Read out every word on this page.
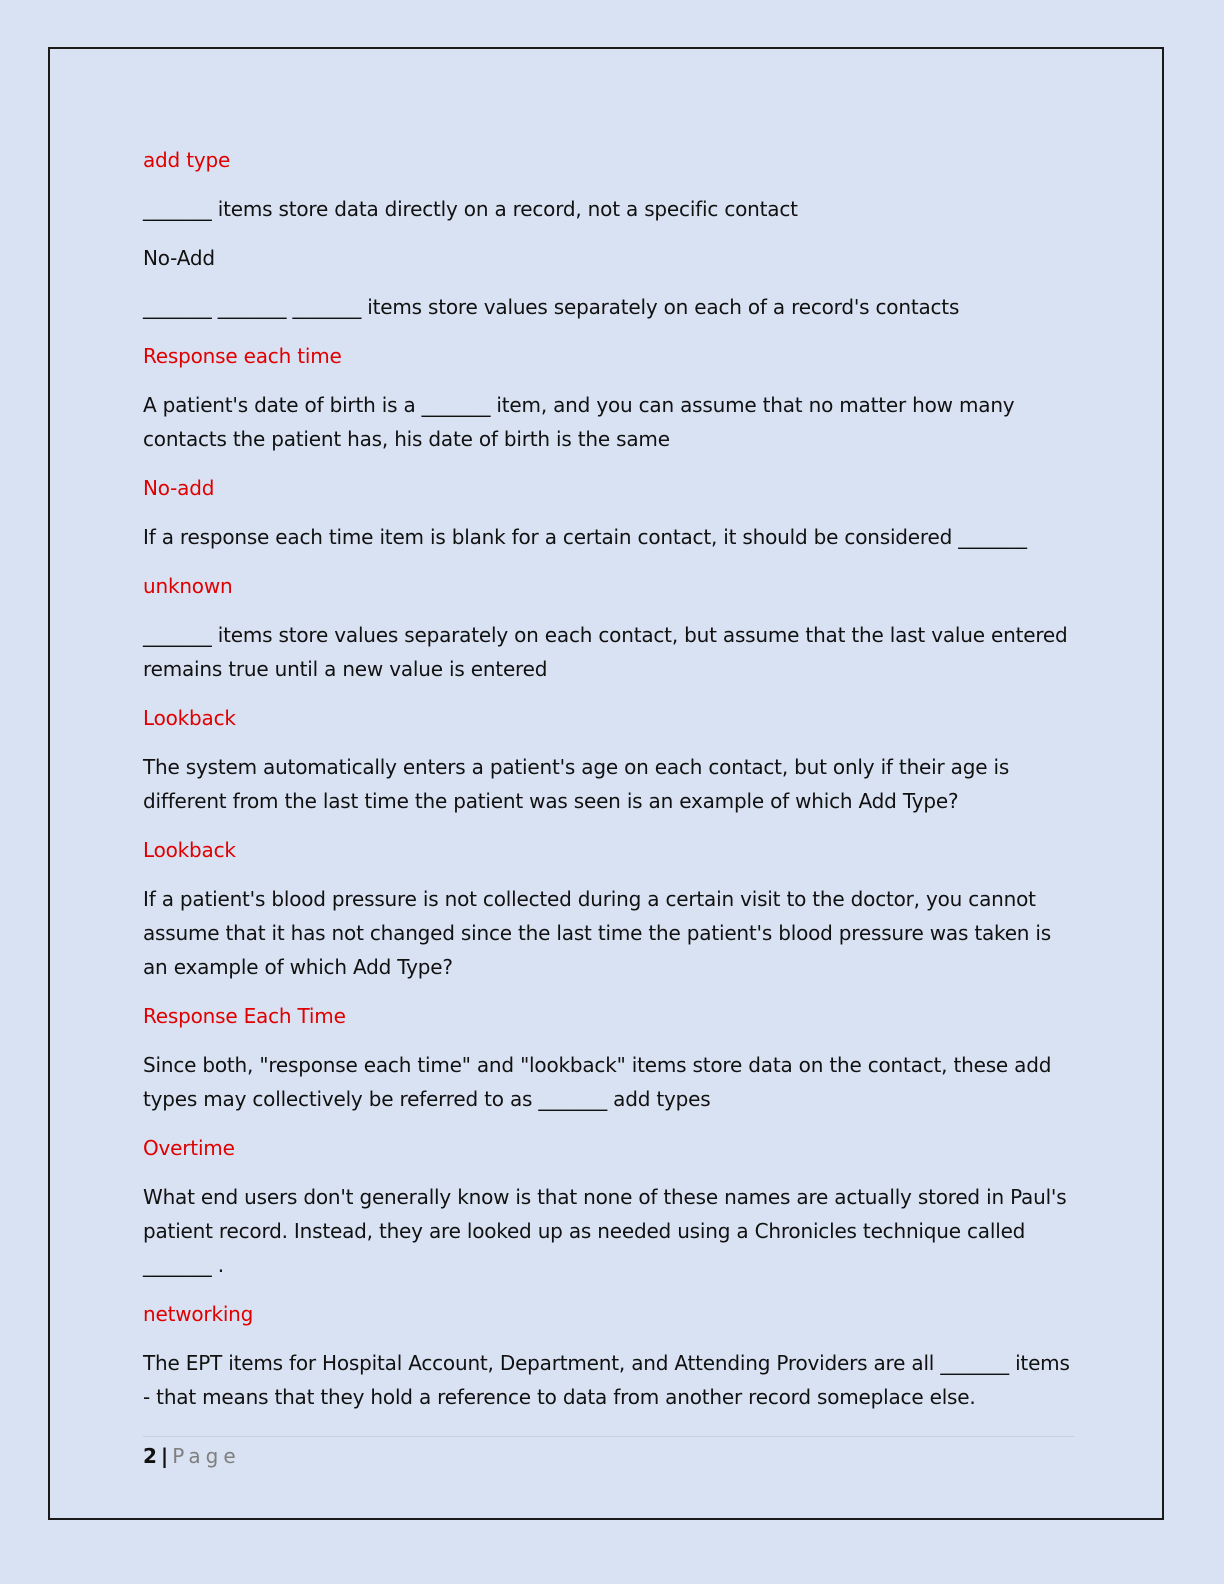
add type

_______ items store data directly on a record, not a specific contact

No-Add

_______ _______ _______ items store values separately on each of a record's contacts

Response each time

A patient's date of birth is a _______ item, and you can assume that no matter how many contacts the patient has, his date of birth is the same

No-add

If a response each time item is blank for a certain contact, it should be considered _______

unknown

_______ items store values separately on each contact, but assume that the last value entered remains true until a new value is entered

Lookback

The system automatically enters a patient's age on each contact, but only if their age is different from the last time the patient was seen is an example of which Add Type?

Lookback

If a patient's blood pressure is not collected during a certain visit to the doctor, you cannot assume that it has not changed since the last time the patient's blood pressure was taken is an example of which Add Type?

Response Each Time

Since both, "response each time" and "lookback" items store data on the contact, these add types may collectively be referred to as _______ add types

Overtime

What end users don't generally know is that none of these names are actually stored in Paul's patient record. Instead, they are looked up as needed using a Chronicles technique called _______ .

networking

The EPT items for Hospital Account, Department, and Attending Providers are all _______ items - that means that they hold a reference to data from another record someplace else.

2 | Page
